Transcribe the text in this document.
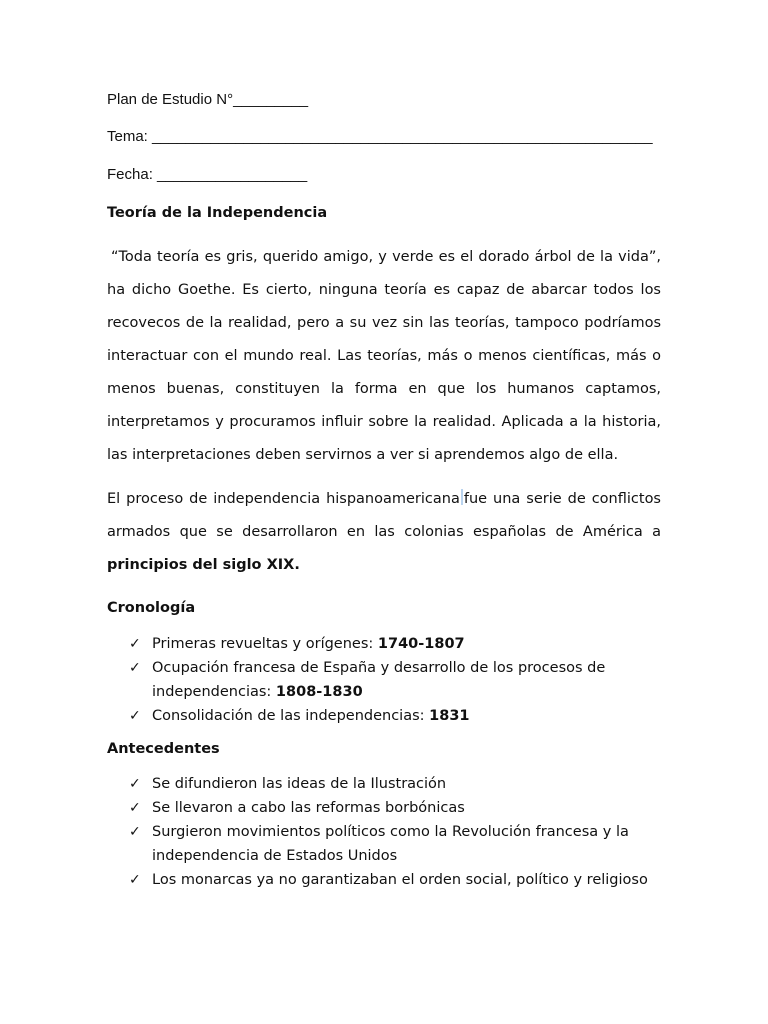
Plan de Estudio N°_________
Tema: ____________________________________________________________
Fecha: __________________
Teoría de la Independencia

“Toda teoría es gris, querido amigo, y verde es el dorado árbol de la vida”, ha dicho Goethe. Es cierto, ninguna teoría es capaz de abarcar todos los recovecos de la realidad, pero a su vez sin las teorías, tampoco podríamos interactuar con el mundo real. Las teorías, más o menos científicas, más o menos buenas, constituyen la forma en que los humanos captamos, interpretamos y procuramos influir sobre la realidad. Aplicada a la historia, las interpretaciones deben servirnos a ver si aprendemos algo de ella.

El proceso de independencia hispanoamericana fue una serie de conflictos armados que se desarrollaron en las colonias españolas de América a principios del siglo XIX.

Cronología
✓ Primeras revueltas y orígenes: 1740-1807
✓ Ocupación francesa de España y desarrollo de los procesos de independencias: 1808-1830
✓ Consolidación de las independencias: 1831
Antecedentes
✓ Se difundieron las ideas de la Ilustración
✓ Se llevaron a cabo las reformas borbónicas
✓ Surgieron movimientos políticos como la Revolución francesa y la independencia de Estados Unidos
✓ Los monarcas ya no garantizaban el orden social, político y religioso
